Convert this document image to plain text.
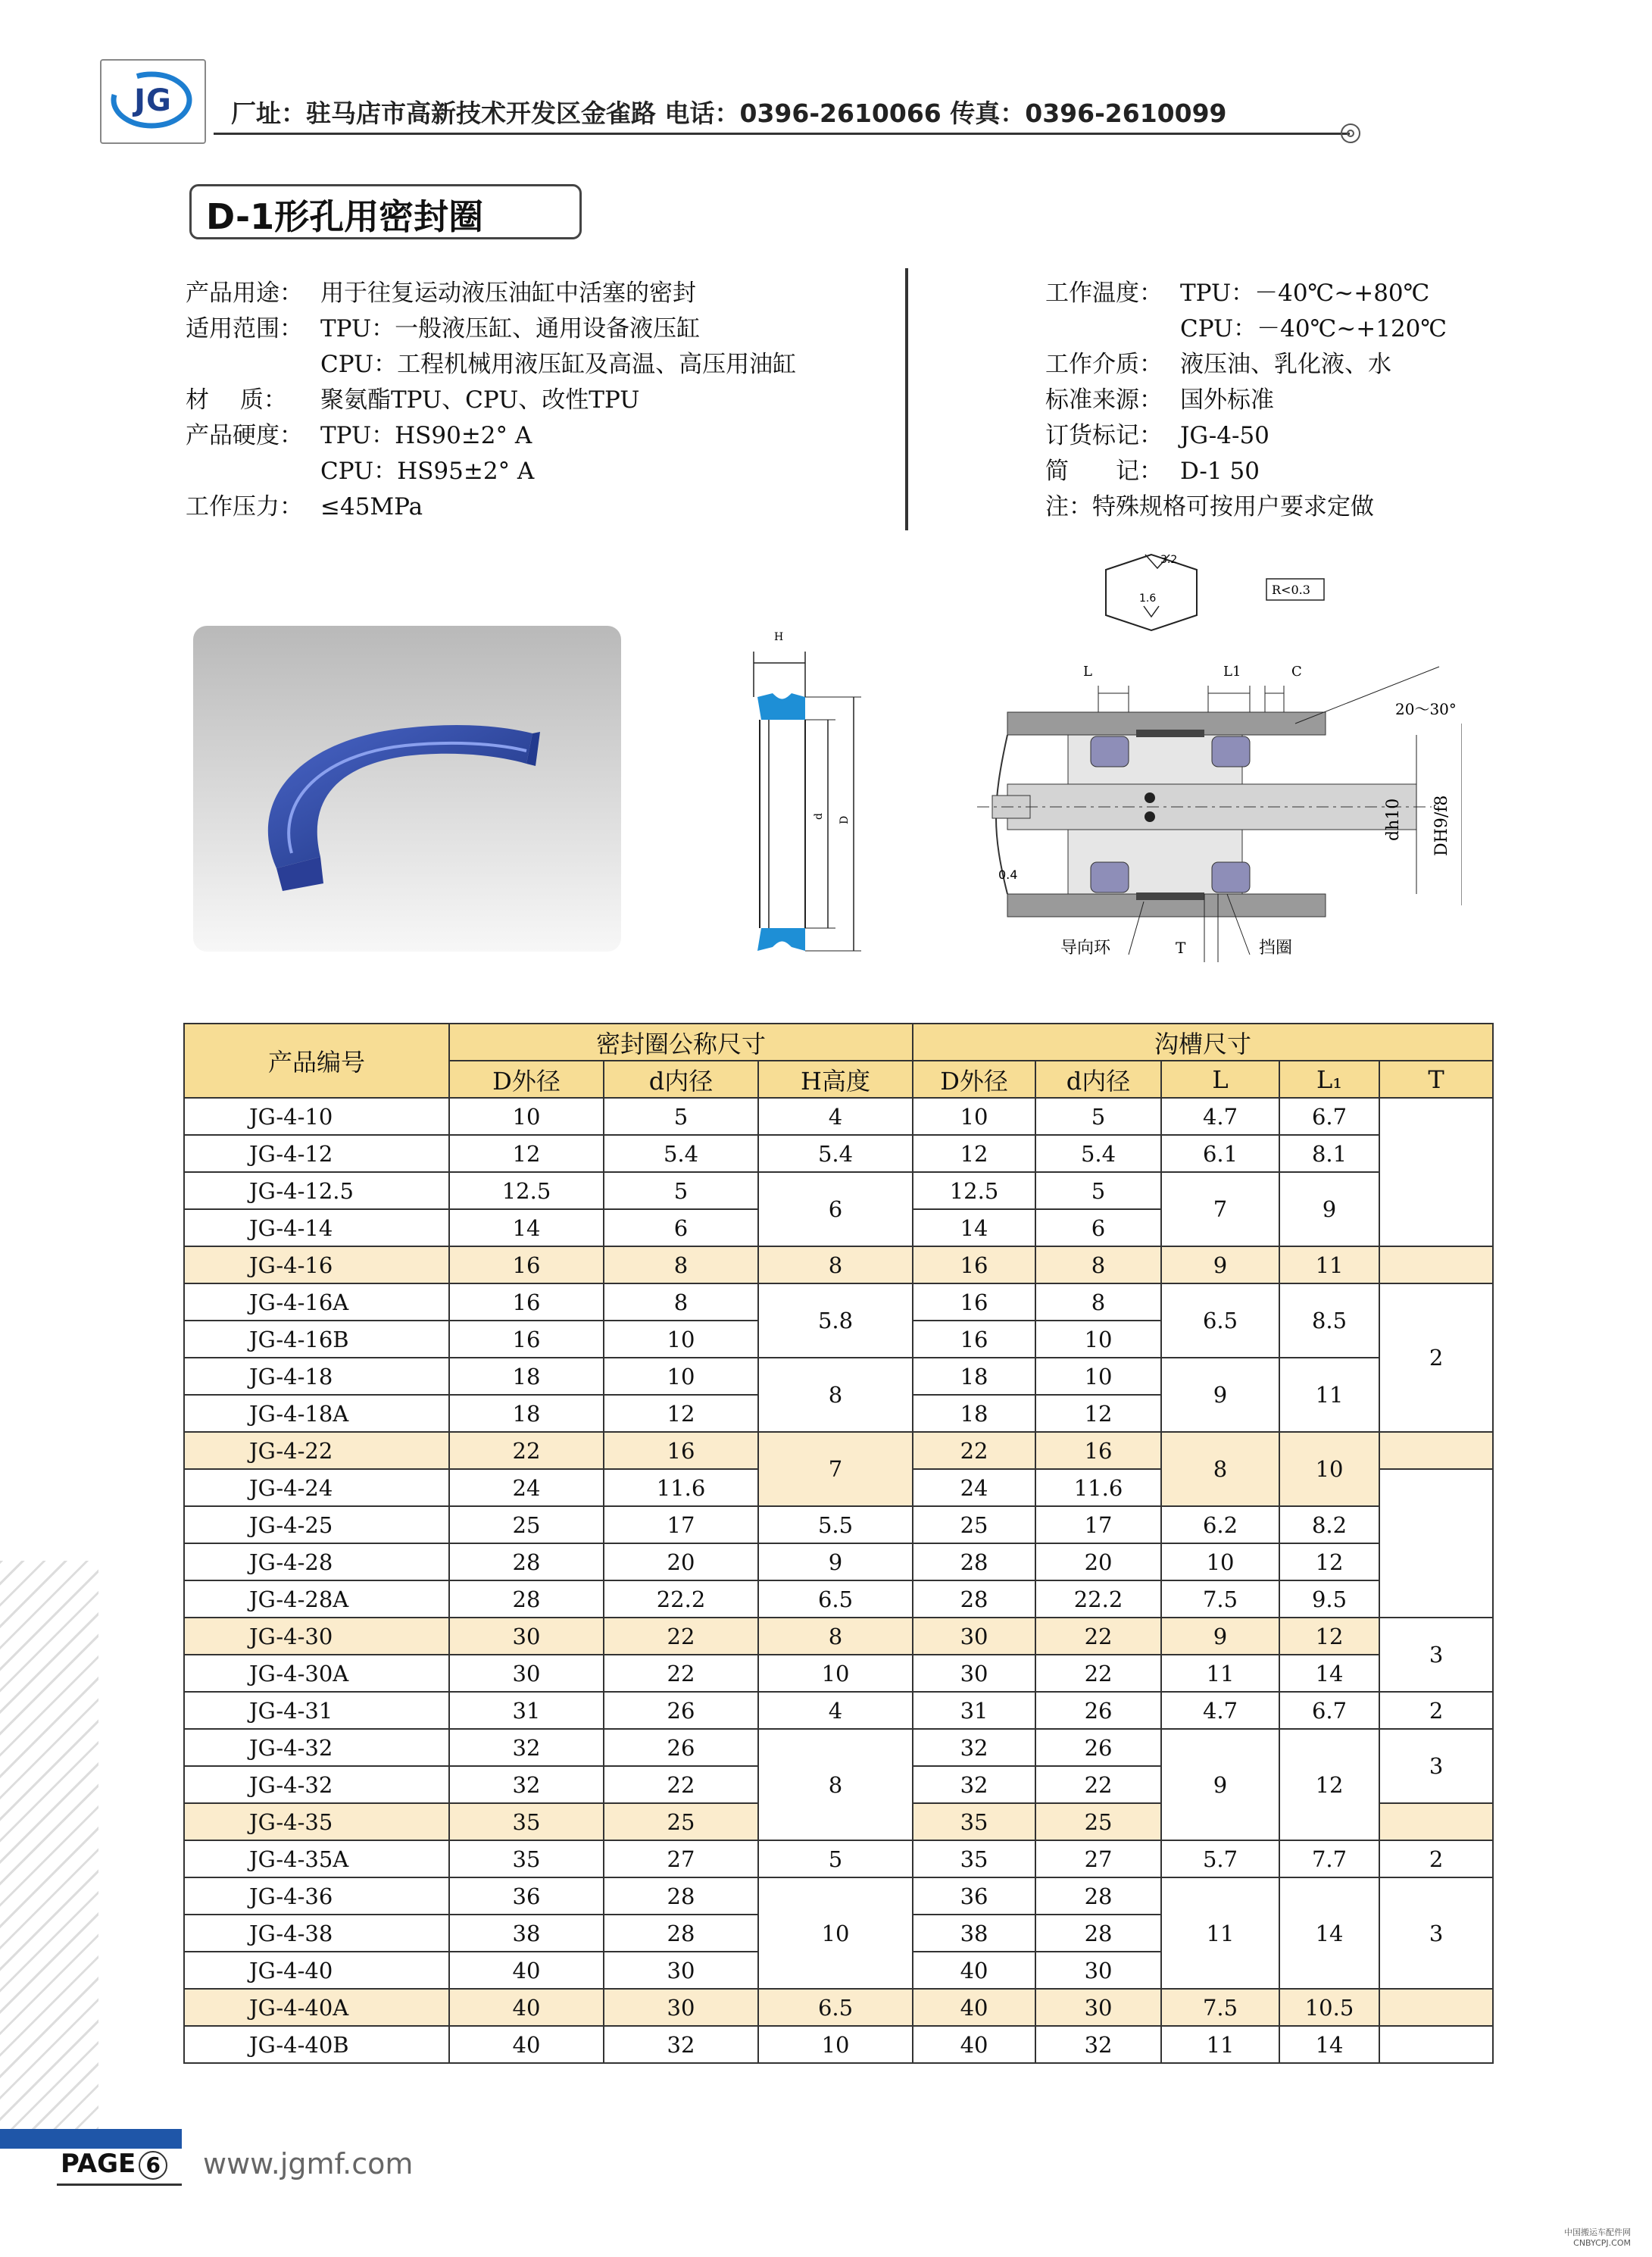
JG	厂址：驻马店市高新技术开发区金雀路 电话：0396-2610066 传真：0396-2610099
D-1形孔用密封圈
产品用途： 用于往复运动液压油缸中活塞的密封
适用范围： TPU：一般液压缸、通用设备液压缸
CPU：工程机械用液压缸及高温、高压用油缸
材　 质： 聚氨酯TPU、CPU、改性TPU
产品硬度： TPU：HS90±2° A
CPU：HS95±2° A
工作压力： ≤45MPa
工作温度： TPU：－40℃~+80℃
CPU：－40℃~+120℃
工作介质： 液压油、乳化液、水
标准来源： 国外标准
订货标记： JG-4-50
简　　记： D-1 50
注：特殊规格可按用户要求定做
H
d D
3.2
1.6
R<0.3
L	L1	C
20～30°
dh10 DH9/f8
0.4
导向环	T	挡圈
产品编号	密封圈公称尺寸			沟槽尺寸				
	D外径	d内径	H高度	D外径	d内径	L	L₁	T
JG-4-10	10	5	4	10	5	4.7	6.7	
JG-4-12	12	5.4	5.4	12	5.4	6.1	8.1	
JG-4-12.5	12.5	5	6	12.5	5	7	9	
JG-4-14	14	6		14	6			
JG-4-16	16	8	8	16	8	9	11	
JG-4-16A	16	8	5.8	16	8	6.5	8.5	2
JG-4-16B	16	10		16	10			
JG-4-18	18	10	8	18	10	9	11	
JG-4-18A	18	12		18	12			
JG-4-22	22	16	7	22	16	8	10	
JG-4-24	24	11.6		24	11.6			
JG-4-25	25	17	5.5	25	17	6.2	8.2	
JG-4-28	28	20	9	28	20	10	12	
JG-4-28A	28	22.2	6.5	28	22.2	7.5	9.5	
JG-4-30	30	22	8	30	22	9	12	3
JG-4-30A	30	22	10	30	22	11	14	
JG-4-31	31	26	4	31	26	4.7	6.7	2
JG-4-32	32	26	8	32	26	9	12	3
JG-4-32	32	22		32	22			
JG-4-35	35	25		35	25			
JG-4-35A	35	27	5	35	27	5.7	7.7	2
JG-4-36	36	28	10	36	28	11	14	3
JG-4-38	38	28		38	28			
JG-4-40	40	30		40	30			
JG-4-40A	40	30	6.5	40	30	7.5	10.5	
JG-4-40B	40	32	10	40	32	11	14	
PAGE 6 www.jgmf.com
中国搬运车配件网
CNBYCPJ.COM
